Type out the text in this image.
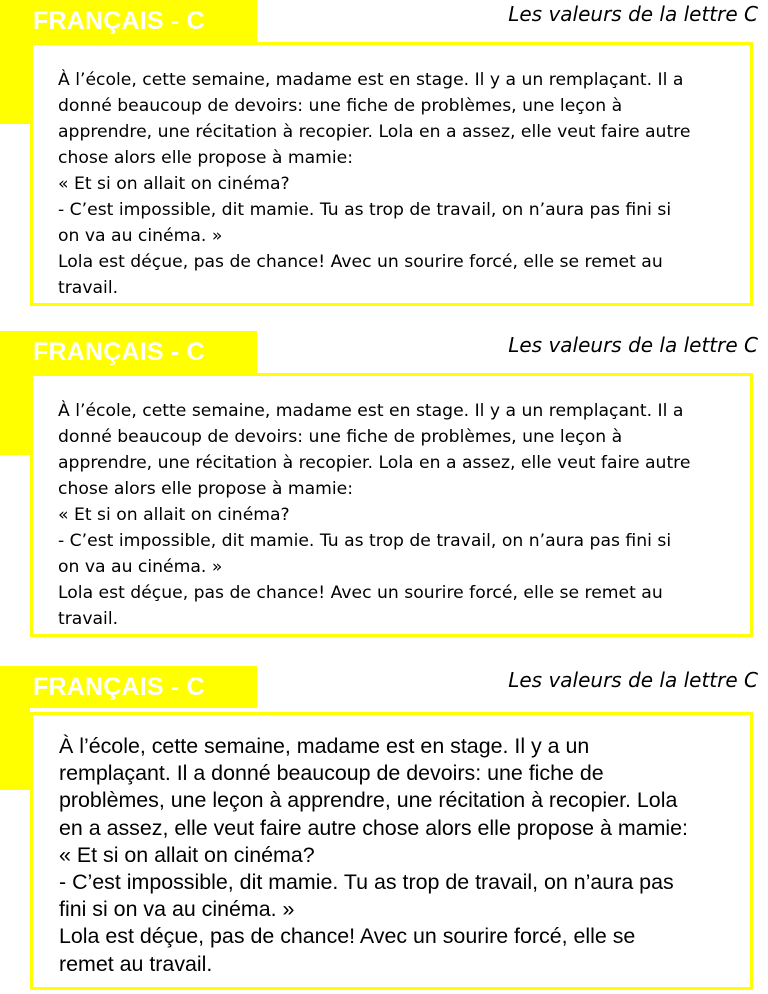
FRANÇAIS - C	Les valeurs de la lettre C

À l’école, cette semaine, madame est en stage. Il y a un remplaçant. Il a
donné beaucoup de devoirs: une fiche de problèmes, une leçon à
apprendre, une récitation à recopier. Lola en a assez, elle veut faire autre
chose alors elle propose à mamie:
« Et si on allait on cinéma?
- C’est impossible, dit mamie. Tu as trop de travail, on n’aura pas fini si
on va au cinéma. »
Lola est déçue, pas de chance! Avec un sourire forcé, elle se remet au
travail.

FRANÇAIS - C	Les valeurs de la lettre C

À l’école, cette semaine, madame est en stage. Il y a un remplaçant. Il a
donné beaucoup de devoirs: une fiche de problèmes, une leçon à
apprendre, une récitation à recopier. Lola en a assez, elle veut faire autre
chose alors elle propose à mamie:
« Et si on allait on cinéma?
- C’est impossible, dit mamie. Tu as trop de travail, on n’aura pas fini si
on va au cinéma. »
Lola est déçue, pas de chance! Avec un sourire forcé, elle se remet au
travail.

FRANÇAIS - C	Les valeurs de la lettre C

À l’école, cette semaine, madame est en stage. Il y a un
remplaçant. Il a donné beaucoup de devoirs: une fiche de
problèmes, une leçon à apprendre, une récitation à recopier. Lola
en a assez, elle veut faire autre chose alors elle propose à mamie:
« Et si on allait on cinéma?
- C’est impossible, dit mamie. Tu as trop de travail, on n’aura pas
fini si on va au cinéma. »
Lola est déçue, pas de chance! Avec un sourire forcé, elle se
remet au travail.
